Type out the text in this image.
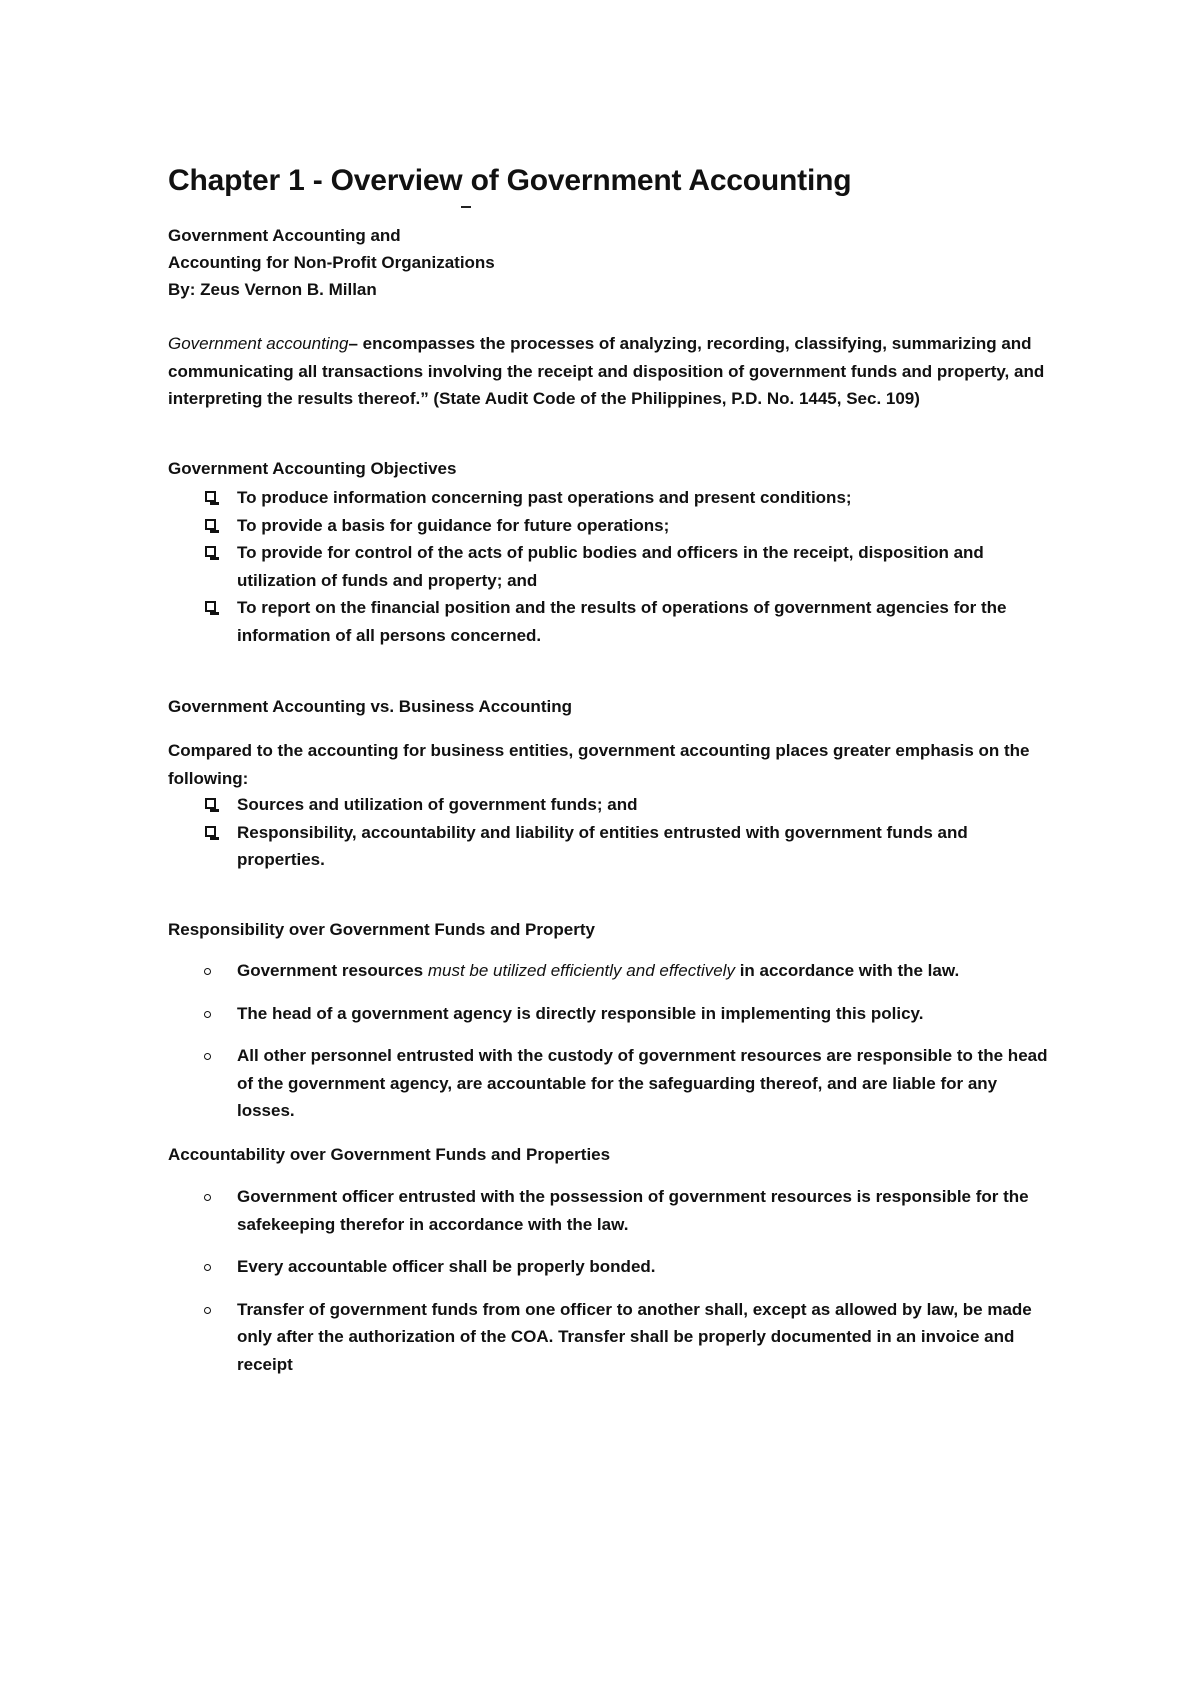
Chapter 1 - Overview of Government Accounting
Government Accounting and
Accounting for Non-Profit Organizations
By: Zeus Vernon B. Millan
Government accounting– encompasses the processes of analyzing, recording, classifying, summarizing and communicating all transactions involving the receipt and disposition of government funds and property, and interpreting the results thereof.” (State Audit Code of the Philippines, P.D. No. 1445, Sec. 109)
Government Accounting Objectives
To produce information concerning past operations and present conditions;
To provide a basis for guidance for future operations;
To provide for control of the acts of public bodies and officers in the receipt, disposition and utilization of funds and property; and
To report on the financial position and the results of operations of government agencies for the information of all persons concerned.
Government Accounting vs. Business Accounting
Compared to the accounting for business entities, government accounting places greater emphasis on the following:
Sources and utilization of government funds; and
Responsibility, accountability and liability of entities entrusted with government funds and properties.
Responsibility over Government Funds and Property
Government resources must be utilized efficiently and effectively in accordance with the law.
The head of a government agency is directly responsible in implementing this policy.
All other personnel entrusted with the custody of government resources are responsible to the head of the government agency, are accountable for the safeguarding thereof, and are liable for any losses.
Accountability over Government Funds and Properties
Government officer entrusted with the possession of government resources is responsible for the safekeeping therefor in accordance with the law.
Every accountable officer shall be properly bonded.
Transfer of government funds from one officer to another shall, except as allowed by law, be made only after the authorization of the COA. Transfer shall be properly documented in an invoice and receipt
